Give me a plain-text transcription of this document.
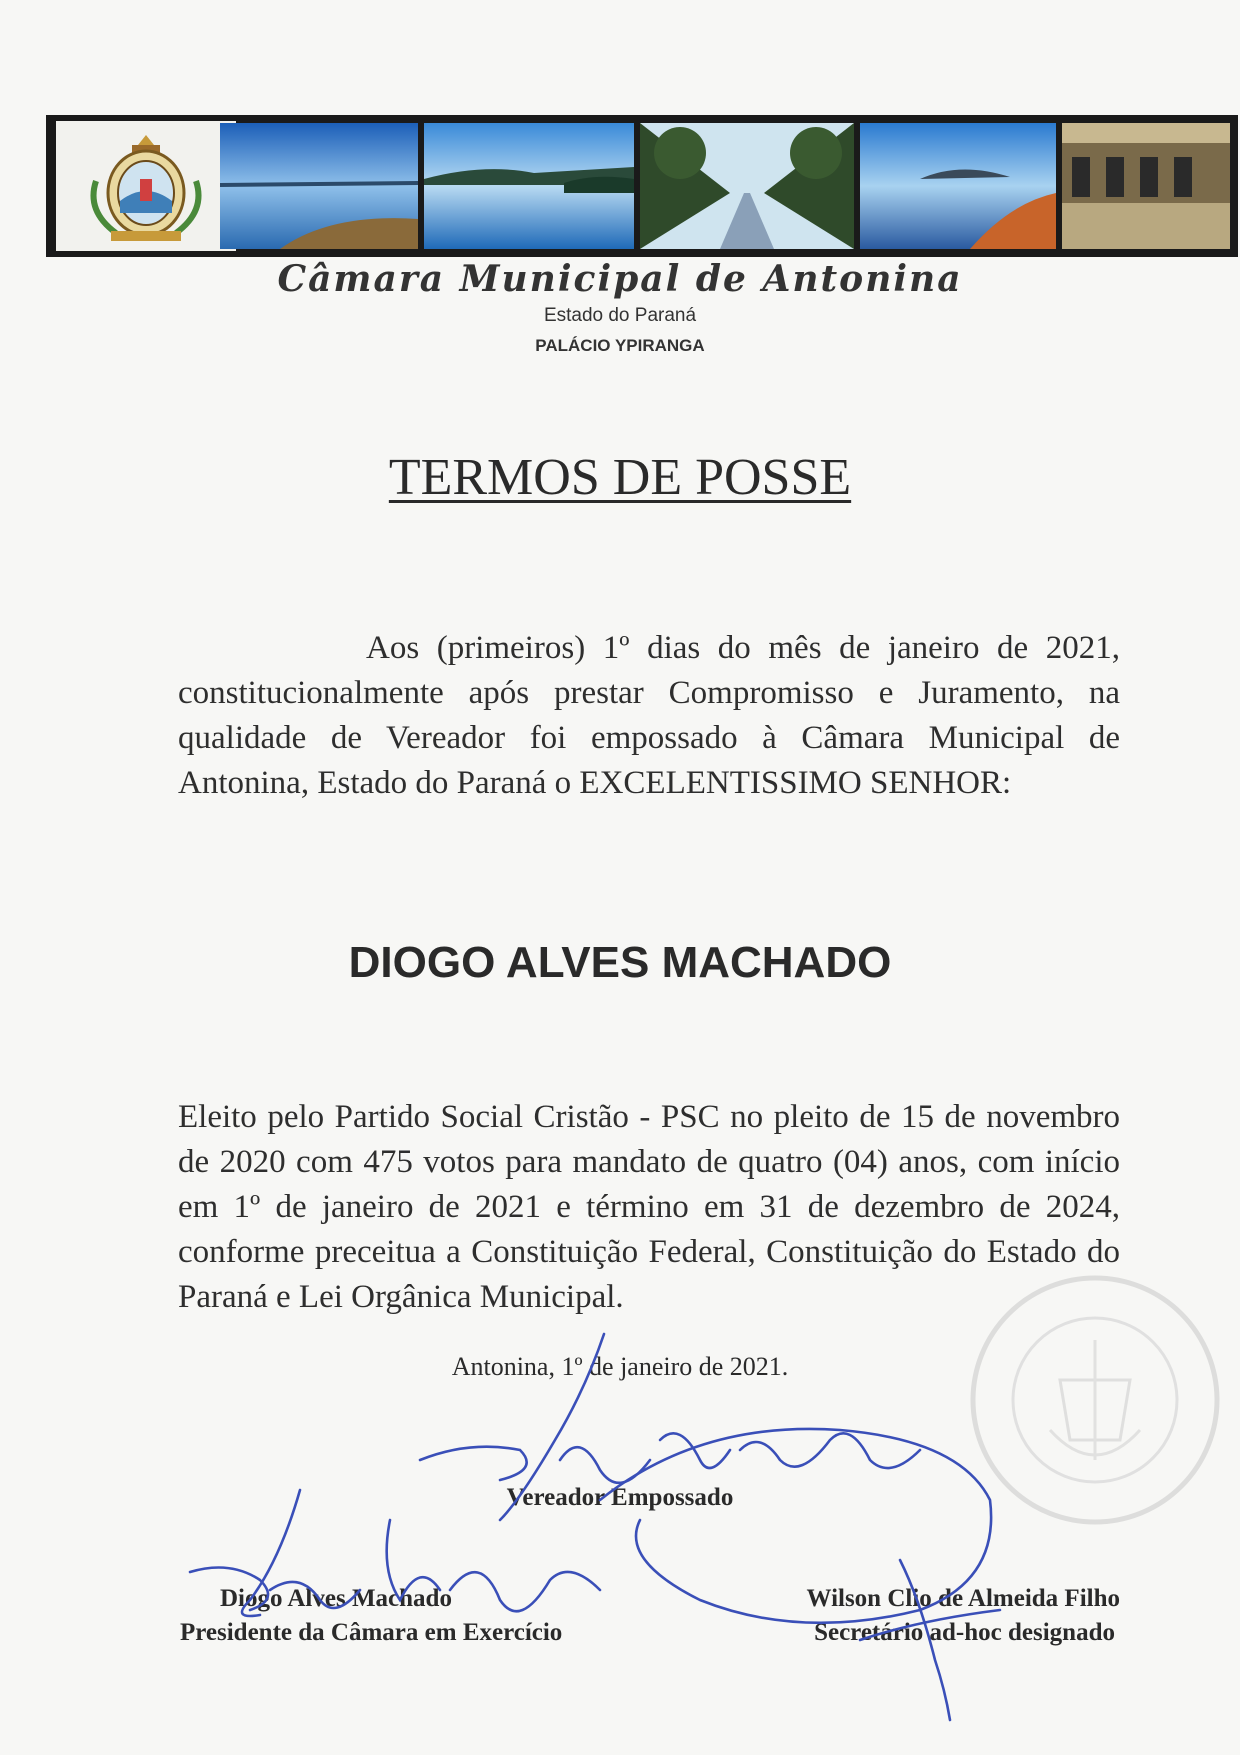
Câmara Municipal de Antonina
Estado do Paraná
PALÁCIO YPIRANGA
TERMOS DE POSSE
Aos (primeiros) 1º dias do mês de janeiro de 2021, constitucionalmente após prestar Compromisso e Juramento, na qualidade de Vereador foi empossado à Câmara Municipal de Antonina, Estado do Paraná o EXCELENTISSIMO SENHOR:
DIOGO ALVES MACHADO
Eleito pelo Partido Social Cristão - PSC no pleito de 15 de novembro de 2020 com 475 votos para mandato de quatro (04) anos, com início em 1º de janeiro de 2021 e término em 31 de dezembro de 2024, conforme preceitua a Constituição Federal, Constituição do Estado do Paraná e Lei Orgânica Municipal.
Antonina, 1º de janeiro de 2021.
Vereador Empossado
Diogo Alves Machado
Presidente da Câmara em Exercício
Wilson Clio de Almeida Filho
Secretário ad-hoc designado
